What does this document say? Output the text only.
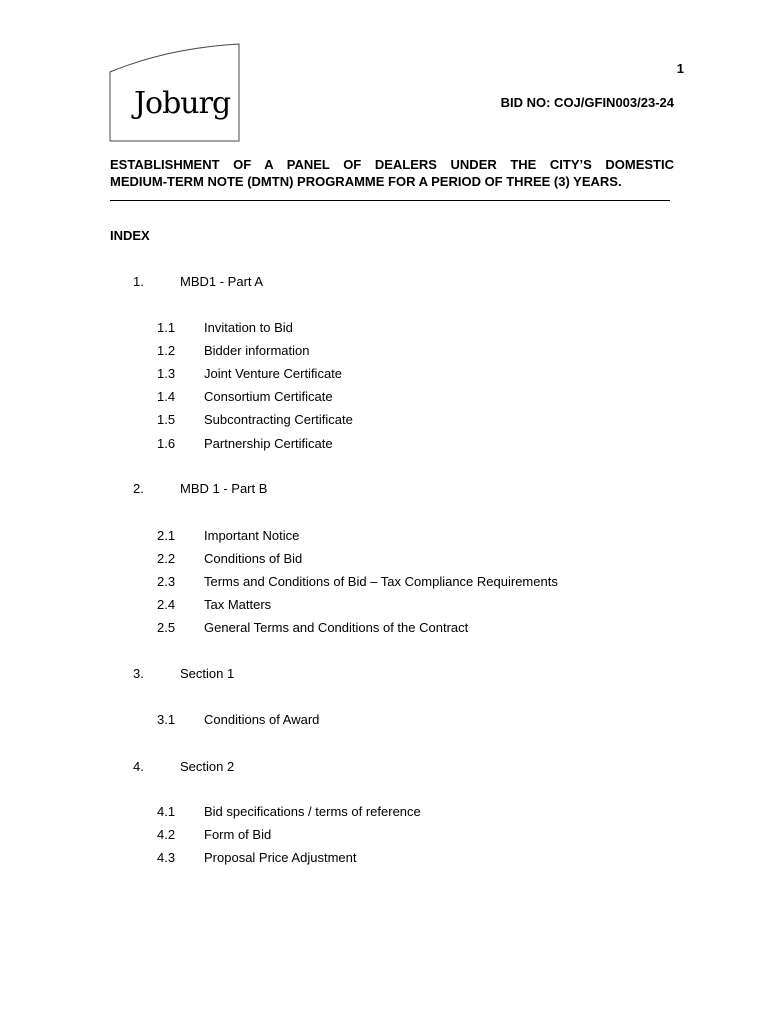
Joburg
1
BID NO: COJ/GFIN003/23-24
ESTABLISHMENT OF A PANEL OF DEALERS UNDER THE CITY’S DOMESTIC
MEDIUM-TERM NOTE (DMTN) PROGRAMME FOR A PERIOD OF THREE (3) YEARS.
INDEX
1.	MBD1 - Part A
1.1 Invitation to Bid
1.2 Bidder information
1.3 Joint Venture Certificate
1.4 Consortium Certificate
1.5 Subcontracting Certificate
1.6 Partnership Certificate
2.	MBD 1 - Part B
2.1 Important Notice
2.2 Conditions of Bid
2.3 Terms and Conditions of Bid – Tax Compliance Requirements
2.4 Tax Matters
2.5 General Terms and Conditions of the Contract
3.	Section 1
3.1 Conditions of Award
4.	Section 2
4.1 Bid specifications / terms of reference
4.2 Form of Bid
4.3 Proposal Price Adjustment
